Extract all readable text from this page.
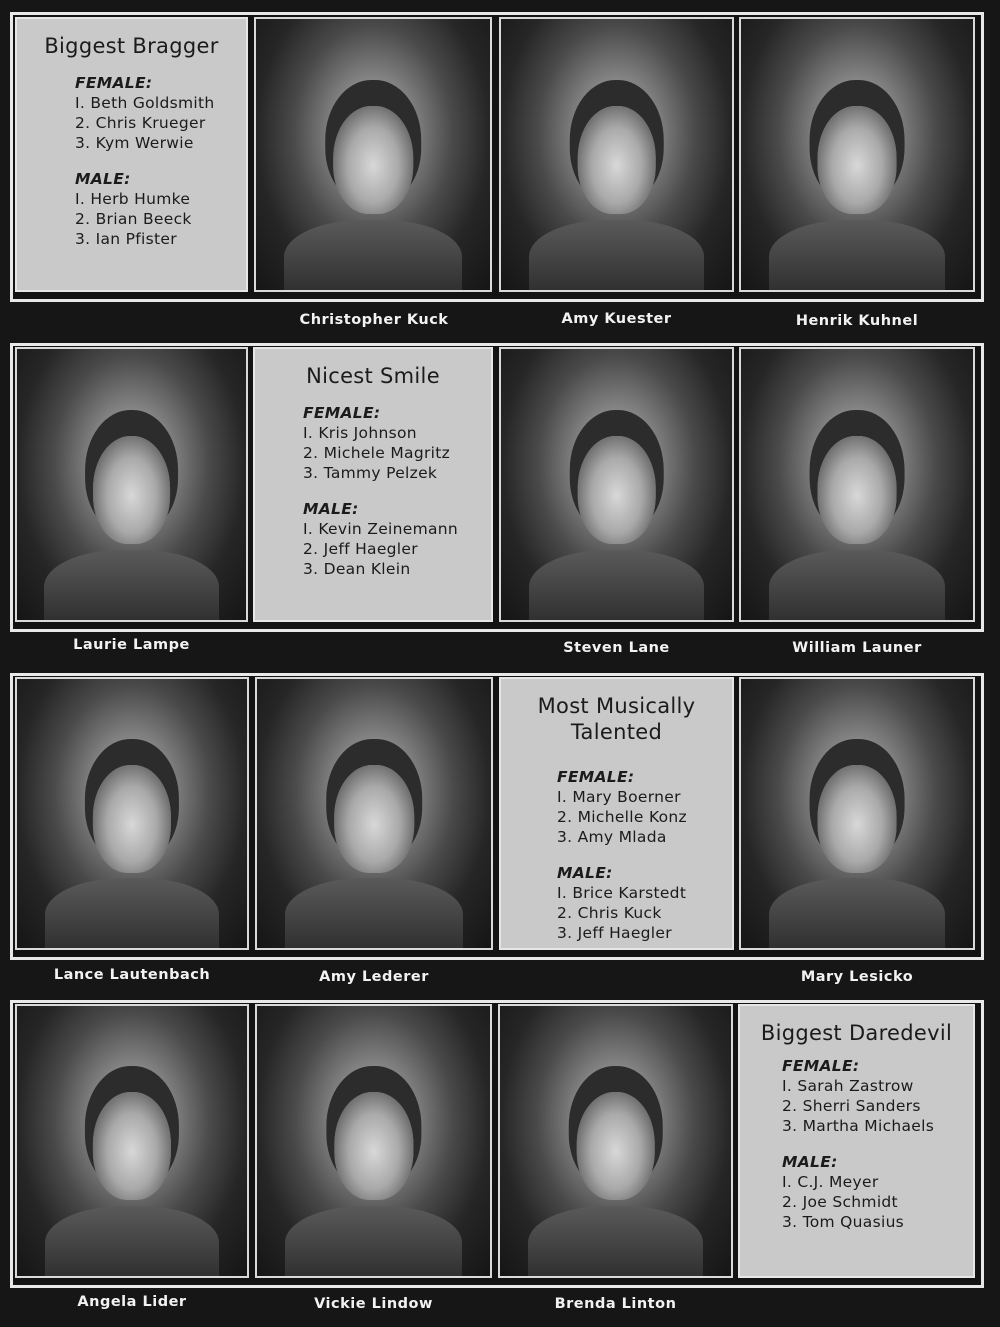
Biggest Bragger
FEMALE:
I. Beth Goldsmith
2. Chris Krueger
3. Kym Werwie
MALE:
I. Herb Humke
2. Brian Beeck
3. Ian Pfister
Christopher Kuck	Amy Kuester	Henrik Kuhnel
Nicest Smile
FEMALE:
I. Kris Johnson
2. Michele Magritz
3. Tammy Pelzek
MALE:
I. Kevin Zeinemann
2. Jeff Haegler
3. Dean Klein
Laurie Lampe	Steven Lane	William Launer
Most Musically
Talented
FEMALE:
I. Mary Boerner
2. Michelle Konz
3. Amy Mlada
MALE:
I. Brice Karstedt
2. Chris Kuck
3. Jeff Haegler
Lance Lautenbach	Amy Lederer	Mary Lesicko
Biggest Daredevil
FEMALE:
I. Sarah Zastrow
2. Sherri Sanders
3. Martha Michaels
MALE:
I. C.J. Meyer
2. Joe Schmidt
3. Tom Quasius
Angela Lider	Vickie Lindow	Brenda Linton
